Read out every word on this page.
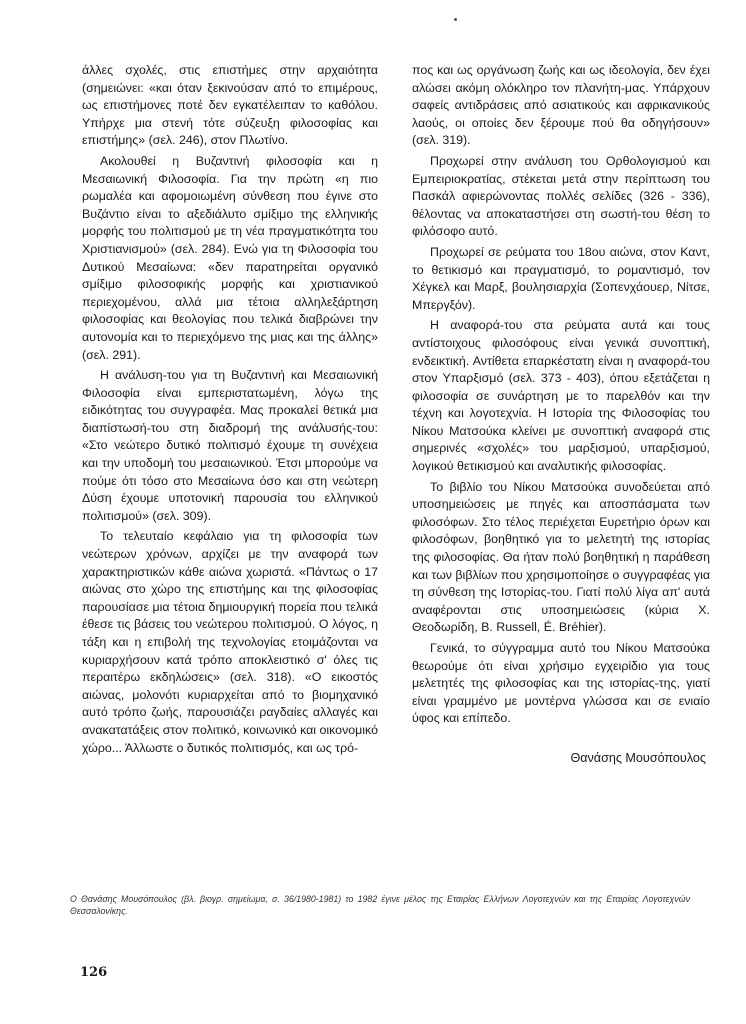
άλλες σχολές, στις επιστήμες στην αρχαιότητα (σημειώνει: «και όταν ξεκινούσαν από το επιμέρους, ως επιστήμονες ποτέ δεν εγκατέλειπαν το καθόλου. Υπήρχε μια στενή τότε σύζευξη φιλοσοφίας και επιστήμης» (σελ. 246), στον Πλωτίνο.

Ακολουθεί η Βυζαντινή φιλοσοφία και η Μεσαιωνική Φιλοσοφία. Για την πρώτη «η πιο ρωμαλέα και αφομοιωμένη σύνθεση που έγινε στο Βυζάντιο είναι το αξεδιάλυτο σμίξιμο της ελληνικής μορφής του πολιτισμού με τη νέα πραγματικότητα του Χριστιανισμού» (σελ. 284). Ενώ για τη Φιλοσοφία του Δυτικού Μεσαίωνα: «δεν παρατηρείται οργανικό σμίξιμο φιλοσοφικής μορφής και χριστιανικού περιεχομένου, αλλά μια τέτοια αλληλεξάρτηση φιλοσοφίας και θεολογίας που τελικά διαβρώνει την αυτονομία και το περιεχόμενο της μιας και της άλλης» (σελ. 291).

Η ανάλυση-του για τη Βυζαντινή και Μεσαιωνική Φιλοσοφία είναι εμπεριστατωμένη, λόγω της ειδικότητας του συγγραφέα. Μας προκαλεί θετικά μια διαπίστωσή-του στη διαδρομή της ανάλυσής-του: «Στο νεώτερο δυτικό πολιτισμό έχουμε τη συνέχεια και την υποδομή του μεσαιωνικού. Έτσι μπορούμε να πούμε ότι τόσο στο Μεσαίωνα όσο και στη νεώτερη Δύση έχουμε υποτονική παρουσία του ελληνικού πολιτισμού» (σελ. 309).

Το τελευταίο κεφάλαιο για τη φιλοσοφία των νεώτερων χρόνων, αρχίζει με την αναφορά των χαρακτηριστικών κάθε αιώνα χωριστά. «Πάντως ο 17 αιώνας στο χώρο της επιστήμης και της φιλοσοφίας παρουσίασε μια τέτοια δημιουργική πορεία που τελικά έθεσε τις βάσεις του νεώτερου πολιτισμού. Ο λόγος, η τάξη και η επιβολή της τεχνολογίας ετοιμάζονται να κυριαρχήσουν κατά τρόπο αποκλειστικό σ' όλες τις περαιτέρω εκδηλώσεις» (σελ. 318). «Ο εικοστός αιώνας, μολονότι κυριαρχείται από το βιομηχανικό αυτό τρόπο ζωής, παρουσιάζει ραγδαίες αλλαγές και ανακατατάξεις στον πολιτικό, κοινωνικό και οικονομικό χώρο... Άλλωστε ο δυτικός πολιτισμός, και ως τρό-

πος και ως οργάνωση ζωής και ως ιδεολογία, δεν έχει αλώσει ακόμη ολόκληρο τον πλανήτη-μας. Υπάρχουν σαφείς αντιδράσεις από ασιατικούς και αφρικανικούς λαούς, οι οποίες δεν ξέρουμε πού θα οδηγήσουν» (σελ. 319).

Προχωρεί στην ανάλυση του Ορθολογισμού και Εμπειριοκρατίας, στέκεται μετά στην περίπτωση του Πασκάλ αφιερώνοντας πολλές σελίδες (326 - 336), θέλοντας να αποκαταστήσει στη σωστή-του θέση το φιλόσοφο αυτό.

Προχωρεί σε ρεύματα του 18ου αιώνα, στον Καντ, το θετικισμό και πραγματισμό, το ρομαντισμό, τον Χέγκελ και Μαρξ, βουλησιαρχία (Σοπενχάουερ, Νίτσε, Μπεργξόν).

Η αναφορά-του στα ρεύματα αυτά και τους αντίστοιχους φιλοσόφους είναι γενικά συνοπτική, ενδεικτική. Αντίθετα επαρκέστατη είναι η αναφορά-του στον Υπαρξισμό (σελ. 373 - 403), όπου εξετάζεται η φιλοσοφία σε συνάρτηση με το παρελθόν και την τέχνη και λογοτεχνία. Η Ιστορία της Φιλοσοφίας του Νίκου Ματσούκα κλείνει με συνοπτική αναφορά στις σημερινές «σχολές» του μαρξισμού, υπαρξισμού, λογικού θετικισμού και αναλυτικής φιλοσοφίας.

Το βιβλίο του Νίκου Ματσούκα συνοδεύεται από υποσημειώσεις με πηγές και αποσπάσματα των φιλοσόφων. Στο τέλος περιέχεται Ευρετήριο όρων και φιλοσόφων, βοηθητικό για το μελετητή της ιστορίας της φιλοσοφίας. Θα ήταν πολύ βοηθητική η παράθεση και των βιβλίων που χρησιμοποίησε ο συγγραφέας για τη σύνθεση της Ιστορίας-του. Γιατί πολύ λίγα απ' αυτά αναφέρονται στις υποσημειώσεις (κύρια Χ. Θεοδωρίδη, B. Russell, É. Bréhier).

Γενικά, το σύγγραμμα αυτό του Νίκου Ματσούκα θεωρούμε ότι είναι χρήσιμο εγχειρίδιο για τους μελετητές της φιλοσοφίας και της ιστορίας-της, γιατί είναι γραμμένο με μοντέρνα γλώσσα και σε ενιαίο ύφος και επίπεδο.

Θανάσης Μουσόπουλος
Ο Θανάσης Μουσόπουλος (βλ. βιογρ. σημείωμα, σ. 36/1980-1981) το 1982 έγινε μέλος της Εταιρίας Ελλήνων Λογοτεχνών και της Εταιρίας Λογοτεχνών Θεσσαλονίκης.
126
